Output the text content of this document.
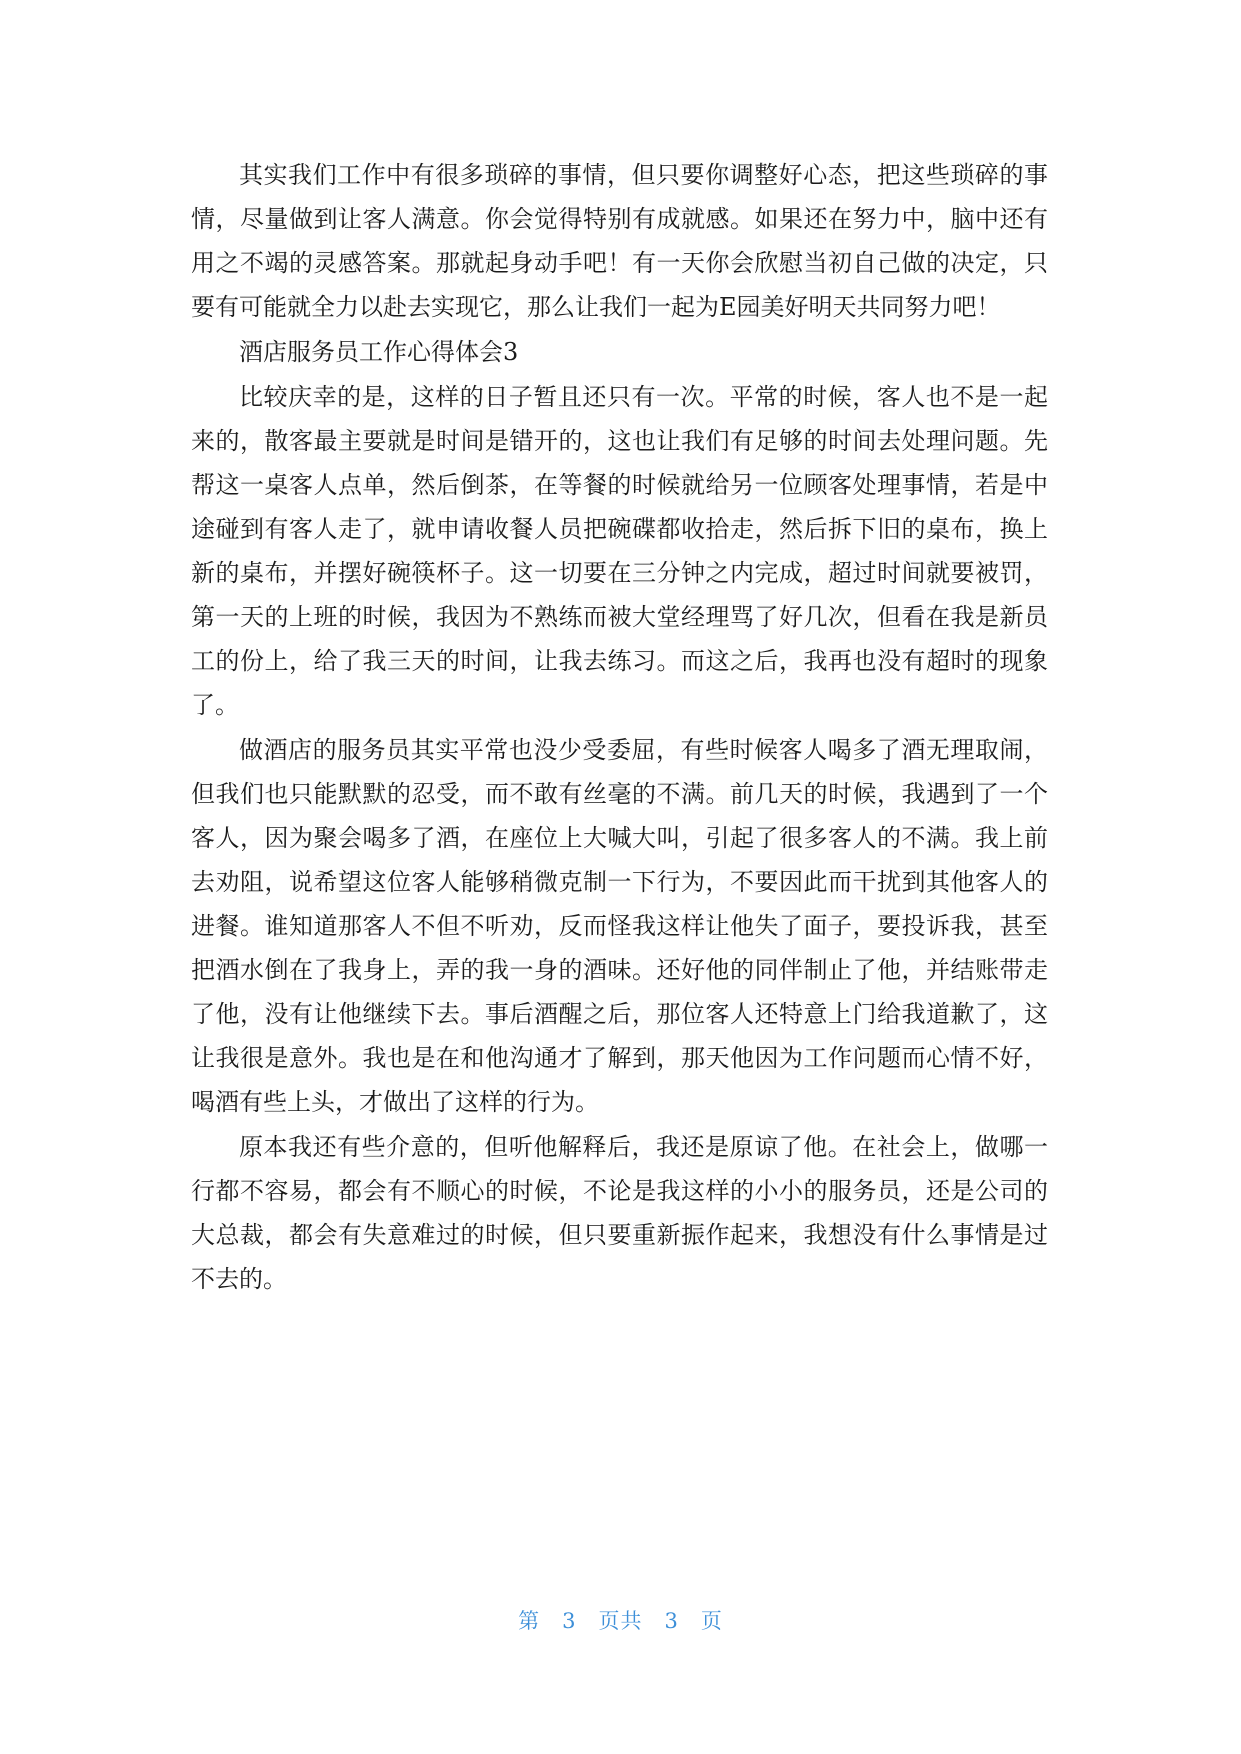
其实我们工作中有很多琐碎的事情，但只要你调整好心态，把这些琐碎的事情，尽量做到让客人满意。你会觉得特别有成就感。如果还在努力中，脑中还有用之不竭的灵感答案。那就起身动手吧！有一天你会欣慰当初自己做的决定，只要有可能就全力以赴去实现它，那么让我们一起为E园美好明天共同努力吧！

酒店服务员工作心得体会3

比较庆幸的是，这样的日子暂且还只有一次。平常的时候，客人也不是一起来的，散客最主要就是时间是错开的，这也让我们有足够的时间去处理问题。先帮这一桌客人点单，然后倒茶，在等餐的时候就给另一位顾客处理事情，若是中途碰到有客人走了，就申请收餐人员把碗碟都收拾走，然后拆下旧的桌布，换上新的桌布，并摆好碗筷杯子。这一切要在三分钟之内完成，超过时间就要被罚，第一天的上班的时候，我因为不熟练而被大堂经理骂了好几次，但看在我是新员工的份上，给了我三天的时间，让我去练习。而这之后，我再也没有超时的现象了。

做酒店的服务员其实平常也没少受委屈，有些时候客人喝多了酒无理取闹，但我们也只能默默的忍受，而不敢有丝毫的不满。前几天的时候，我遇到了一个客人，因为聚会喝多了酒，在座位上大喊大叫，引起了很多客人的不满。我上前去劝阻，说希望这位客人能够稍微克制一下行为，不要因此而干扰到其他客人的进餐。谁知道那客人不但不听劝，反而怪我这样让他失了面子，要投诉我，甚至把酒水倒在了我身上，弄的我一身的酒味。还好他的同伴制止了他，并结账带走了他，没有让他继续下去。事后酒醒之后，那位客人还特意上门给我道歉了，这让我很是意外。我也是在和他沟通才了解到，那天他因为工作问题而心情不好，喝酒有些上头，才做出了这样的行为。

原本我还有些介意的，但听他解释后，我还是原谅了他。在社会上，做哪一行都不容易，都会有不顺心的时候，不论是我这样的小小的服务员，还是公司的大总裁，都会有失意难过的时候，但只要重新振作起来，我想没有什么事情是过不去的。

第 3 页共 3 页
